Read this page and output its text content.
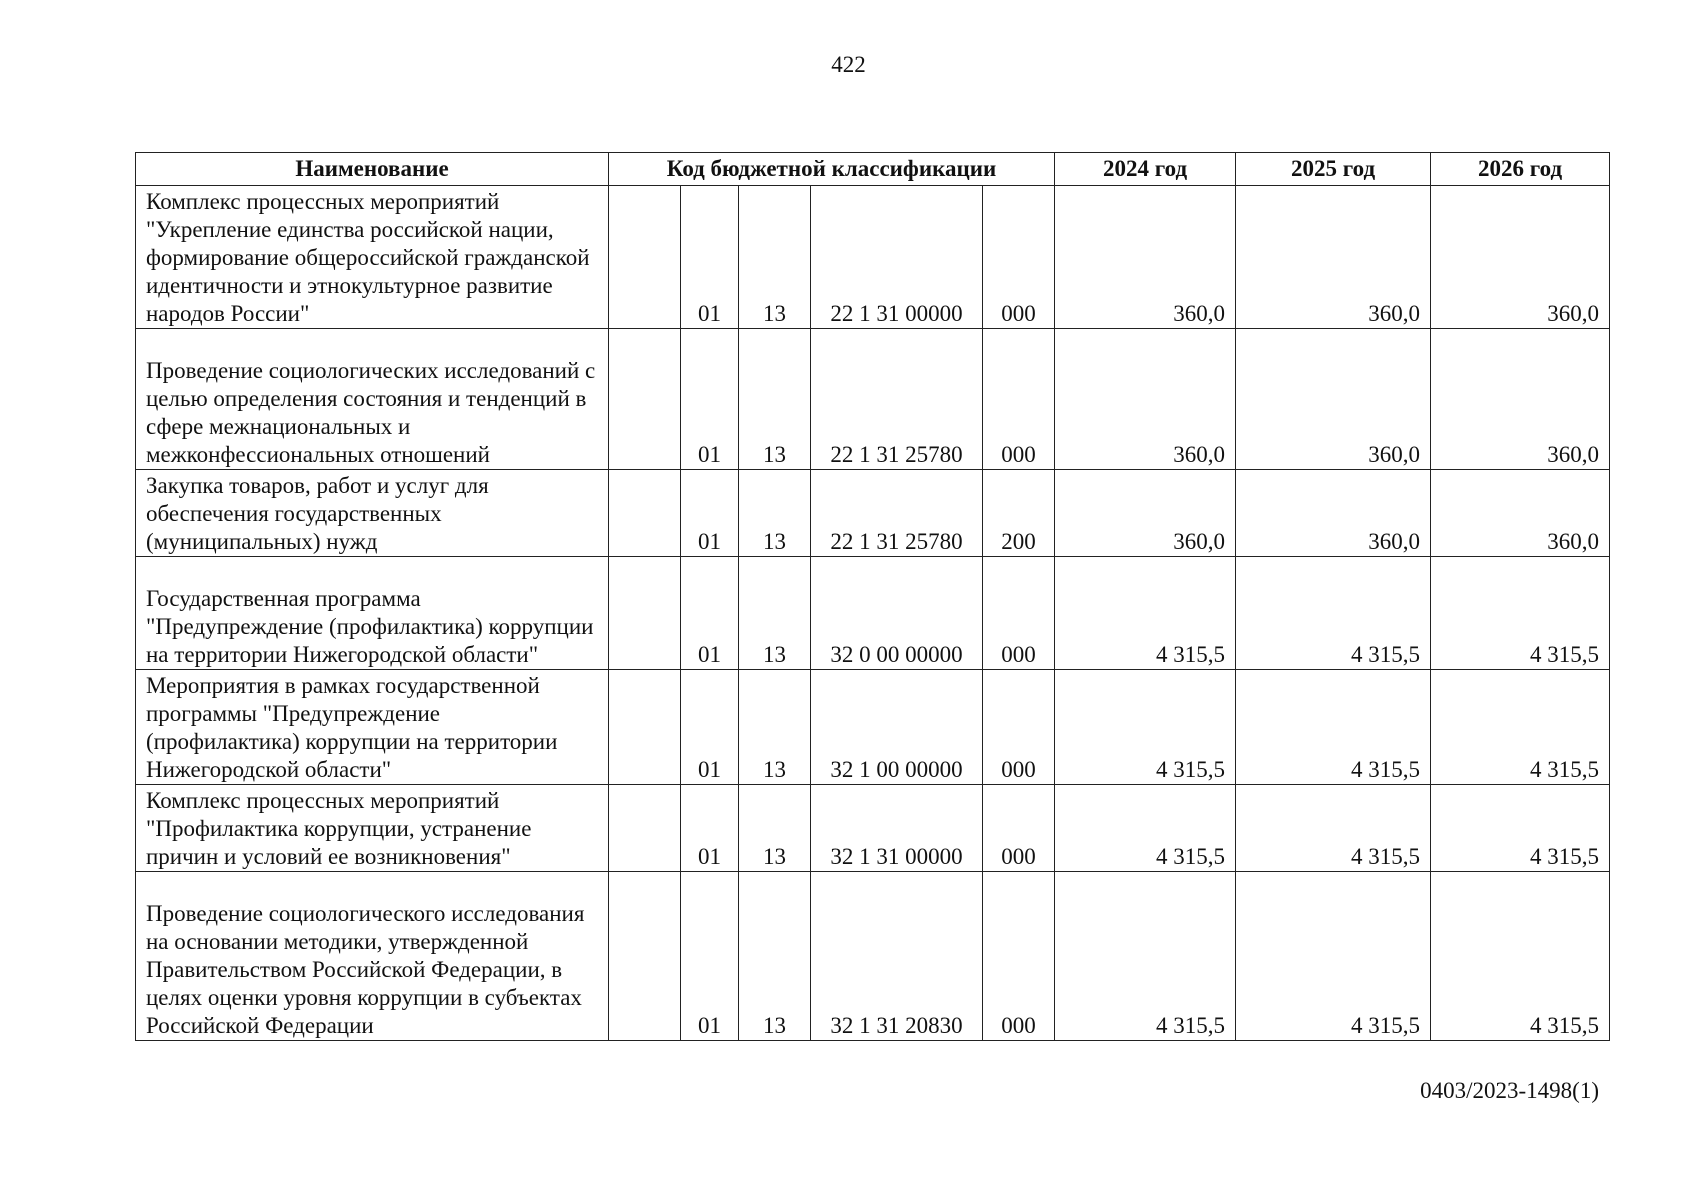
422
Наименование	Код бюджетной классификации					2024 год	2025 год	2026 год
Комплекс процессных мероприятий "Укрепление единства российской нации, формирование общероссийской гражданской идентичности и этнокультурное развитие народов России"		01	13	22 1 31 00000	000	360,0	360,0	360,0
Проведение социологических исследований с целью определения состояния и тенденций в сфере межнациональных и межконфессиональных отношений		01	13	22 1 31 25780	000	360,0	360,0	360,0
Закупка товаров, работ и услуг для обеспечения государственных (муниципальных) нужд		01	13	22 1 31 25780	200	360,0	360,0	360,0
Государственная программа "Предупреждение (профилактика) коррупции на территории Нижегородской области"		01	13	32 0 00 00000	000	4 315,5	4 315,5	4 315,5
Мероприятия в рамках государственной программы "Предупреждение (профилактика) коррупции на территории Нижегородской области"		01	13	32 1 00 00000	000	4 315,5	4 315,5	4 315,5
Комплекс процессных мероприятий "Профилактика коррупции, устранение причин и условий ее возникновения"		01	13	32 1 31 00000	000	4 315,5	4 315,5	4 315,5
Проведение социологического исследования на основании методики, утвержденной Правительством Российской Федерации, в целях оценки уровня коррупции в субъектах Российской Федерации		01	13	32 1 31 20830	000	4 315,5	4 315,5	4 315,5
0403/2023-1498(1)
